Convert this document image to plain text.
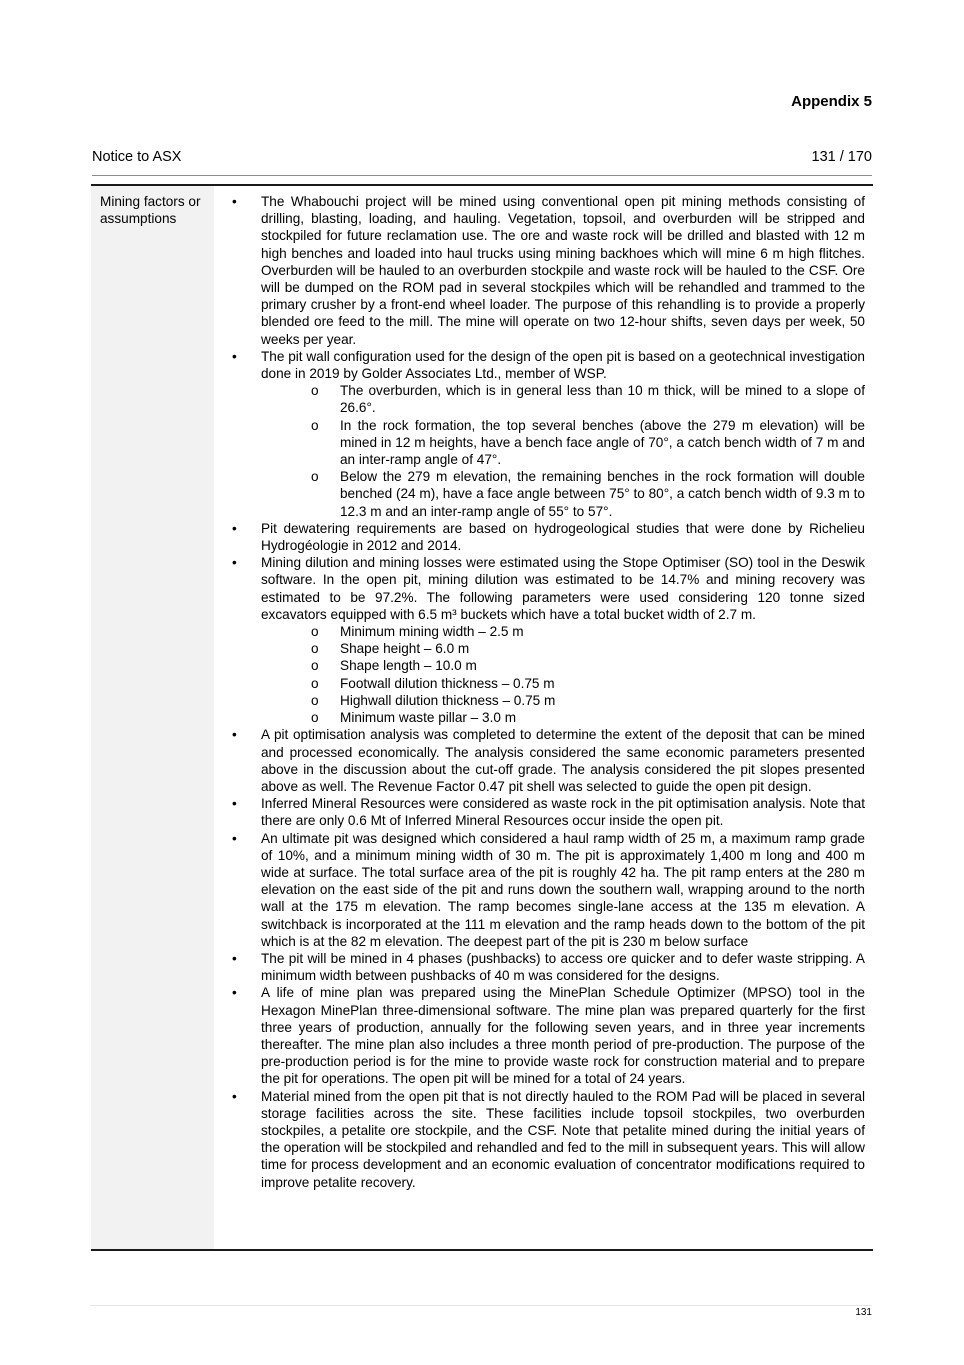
Appendix 5
Notice to ASX	131 / 170
Mining factors or assumptions
•	The Whabouchi project will be mined using conventional open pit mining methods consisting of drilling, blasting, loading, and hauling. Vegetation, topsoil, and overburden will be stripped and stockpiled for future reclamation use. The ore and waste rock will be drilled and blasted with 12 m high benches and loaded into haul trucks using mining backhoes which will mine 6 m high flitches. Overburden will be hauled to an overburden stockpile and waste rock will be hauled to the CSF. Ore will be dumped on the ROM pad in several stockpiles which will be rehandled and trammed to the primary crusher by a front-end wheel loader. The purpose of this rehandling is to provide a properly blended ore feed to the mill. The mine will operate on two 12-hour shifts, seven days per week, 50 weeks per year.
•	The pit wall configuration used for the design of the open pit is based on a geotechnical investigation done in 2019 by Golder Associates Ltd., member of WSP.
o The overburden, which is in general less than 10 m thick, will be mined to a slope of 26.6°.
o In the rock formation, the top several benches (above the 279 m elevation) will be mined in 12 m heights, have a bench face angle of 70°, a catch bench width of 7 m and an inter-ramp angle of 47°.
o Below the 279 m elevation, the remaining benches in the rock formation will double benched (24 m), have a face angle between 75° to 80°, a catch bench width of 9.3 m to 12.3 m and an inter-ramp angle of 55° to 57°.
•	Pit dewatering requirements are based on hydrogeological studies that were done by Richelieu Hydrogéologie in 2012 and 2014.
•	Mining dilution and mining losses were estimated using the Stope Optimiser (SO) tool in the Deswik software. In the open pit, mining dilution was estimated to be 14.7% and mining recovery was estimated to be 97.2%. The following parameters were used considering 120 tonne sized excavators equipped with 6.5 m³ buckets which have a total bucket width of 2.7 m.
o Minimum mining width – 2.5 m
o Shape height – 6.0 m
o Shape length – 10.0 m
o Footwall dilution thickness – 0.75 m
o Highwall dilution thickness – 0.75 m
o Minimum waste pillar – 3.0 m
•	A pit optimisation analysis was completed to determine the extent of the deposit that can be mined and processed economically. The analysis considered the same economic parameters presented above in the discussion about the cut-off grade. The analysis considered the pit slopes presented above as well. The Revenue Factor 0.47 pit shell was selected to guide the open pit design.
•	Inferred Mineral Resources were considered as waste rock in the pit optimisation analysis. Note that there are only 0.6 Mt of Inferred Mineral Resources occur inside the open pit.
•	An ultimate pit was designed which considered a haul ramp width of 25 m, a maximum ramp grade of 10%, and a minimum mining width of 30 m. The pit is approximately 1,400 m long and 400 m wide at surface. The total surface area of the pit is roughly 42 ha. The pit ramp enters at the 280 m elevation on the east side of the pit and runs down the southern wall, wrapping around to the north wall at the 175 m elevation. The ramp becomes single-lane access at the 135 m elevation. A switchback is incorporated at the 111 m elevation and the ramp heads down to the bottom of the pit which is at the 82 m elevation. The deepest part of the pit is 230 m below surface
•	The pit will be mined in 4 phases (pushbacks) to access ore quicker and to defer waste stripping. A minimum width between pushbacks of 40 m was considered for the designs.
•	A life of mine plan was prepared using the MinePlan Schedule Optimizer (MPSO) tool in the Hexagon MinePlan three-dimensional software. The mine plan was prepared quarterly for the first three years of production, annually for the following seven years, and in three year increments thereafter. The mine plan also includes a three month period of pre-production. The purpose of the pre-production period is for the mine to provide waste rock for construction material and to prepare the pit for operations. The open pit will be mined for a total of 24 years.
•	Material mined from the open pit that is not directly hauled to the ROM Pad will be placed in several storage facilities across the site. These facilities include topsoil stockpiles, two overburden stockpiles, a petalite ore stockpile, and the CSF. Note that petalite mined during the initial years of the operation will be stockpiled and rehandled and fed to the mill in subsequent years. This will allow time for process development and an economic evaluation of concentrator modifications required to improve petalite recovery.
131
